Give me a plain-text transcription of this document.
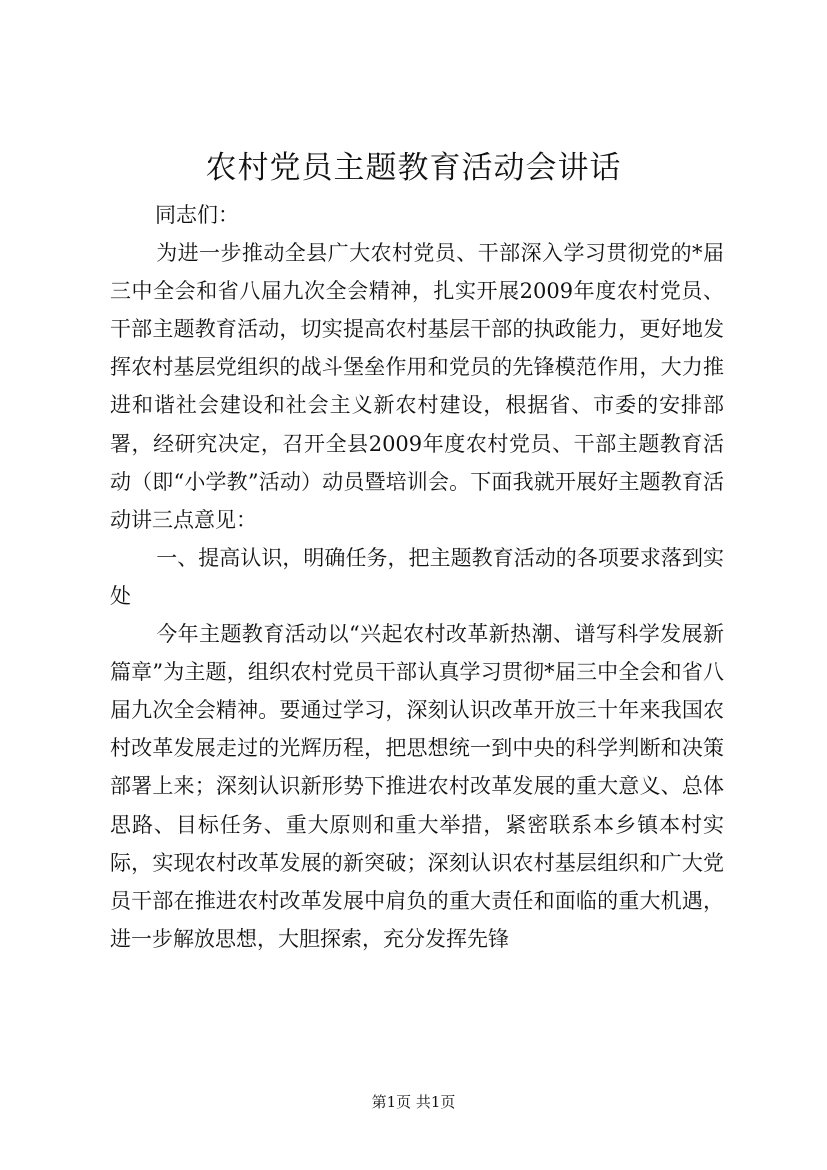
农村党员主题教育活动会讲话

同志们：

为进一步推动全县广大农村党员、干部深入学习贯彻党的*届三中全会和省八届九次全会精神，扎实开展2009年度农村党员、干部主题教育活动，切实提高农村基层干部的执政能力，更好地发挥农村基层党组织的战斗堡垒作用和党员的先锋模范作用，大力推进和谐社会建设和社会主义新农村建设，根据省、市委的安排部署，经研究决定，召开全县2009年度农村党员、干部主题教育活动（即“小学教”活动）动员暨培训会。下面我就开展好主题教育活动讲三点意见：

一、提高认识，明确任务，把主题教育活动的各项要求落到实处

今年主题教育活动以“兴起农村改革新热潮、谱写科学发展新篇章”为主题，组织农村党员干部认真学习贯彻*届三中全会和省八届九次全会精神。要通过学习，深刻认识改革开放三十年来我国农村改革发展走过的光辉历程，把思想统一到中央的科学判断和决策部署上来；深刻认识新形势下推进农村改革发展的重大意义、总体思路、目标任务、重大原则和重大举措，紧密联系本乡镇本村实际，实现农村改革发展的新突破；深刻认识农村基层组织和广大党员干部在推进农村改革发展中肩负的重大责任和面临的重大机遇，进一步解放思想，大胆探索，充分发挥先锋

第1页 共1页
